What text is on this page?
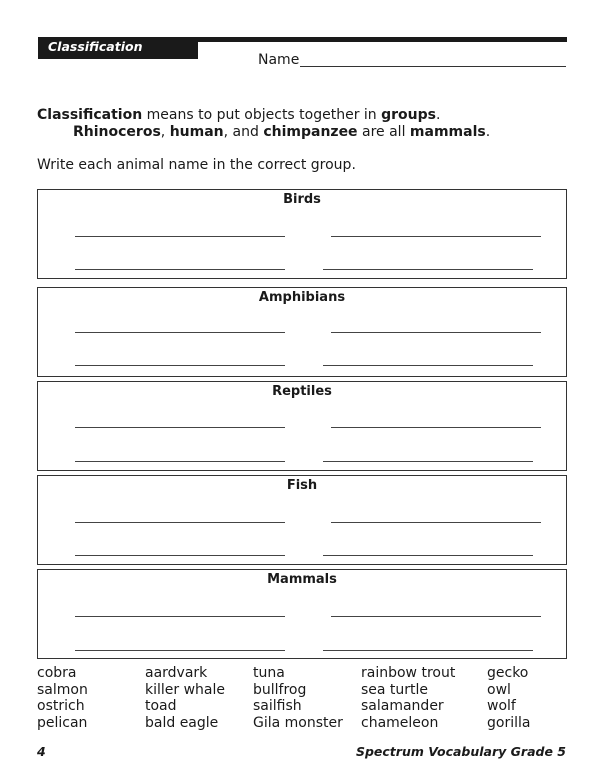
Classification
Name

Classification means to put objects together in groups.

Rhinoceros, human, and chimpanzee are all mammals.

Write each animal name in the correct group.
Birds
Amphibians
Reptiles
Fish
Mammals
cobra
salmon
ostrich
pelican
aardvark
killer whale
toad
bald eagle
tuna
bullfrog
sailfish
Gila monster
rainbow trout
sea turtle
salamander
chameleon
gecko
owl
wolf
gorilla
4	Spectrum Vocabulary Grade 5
